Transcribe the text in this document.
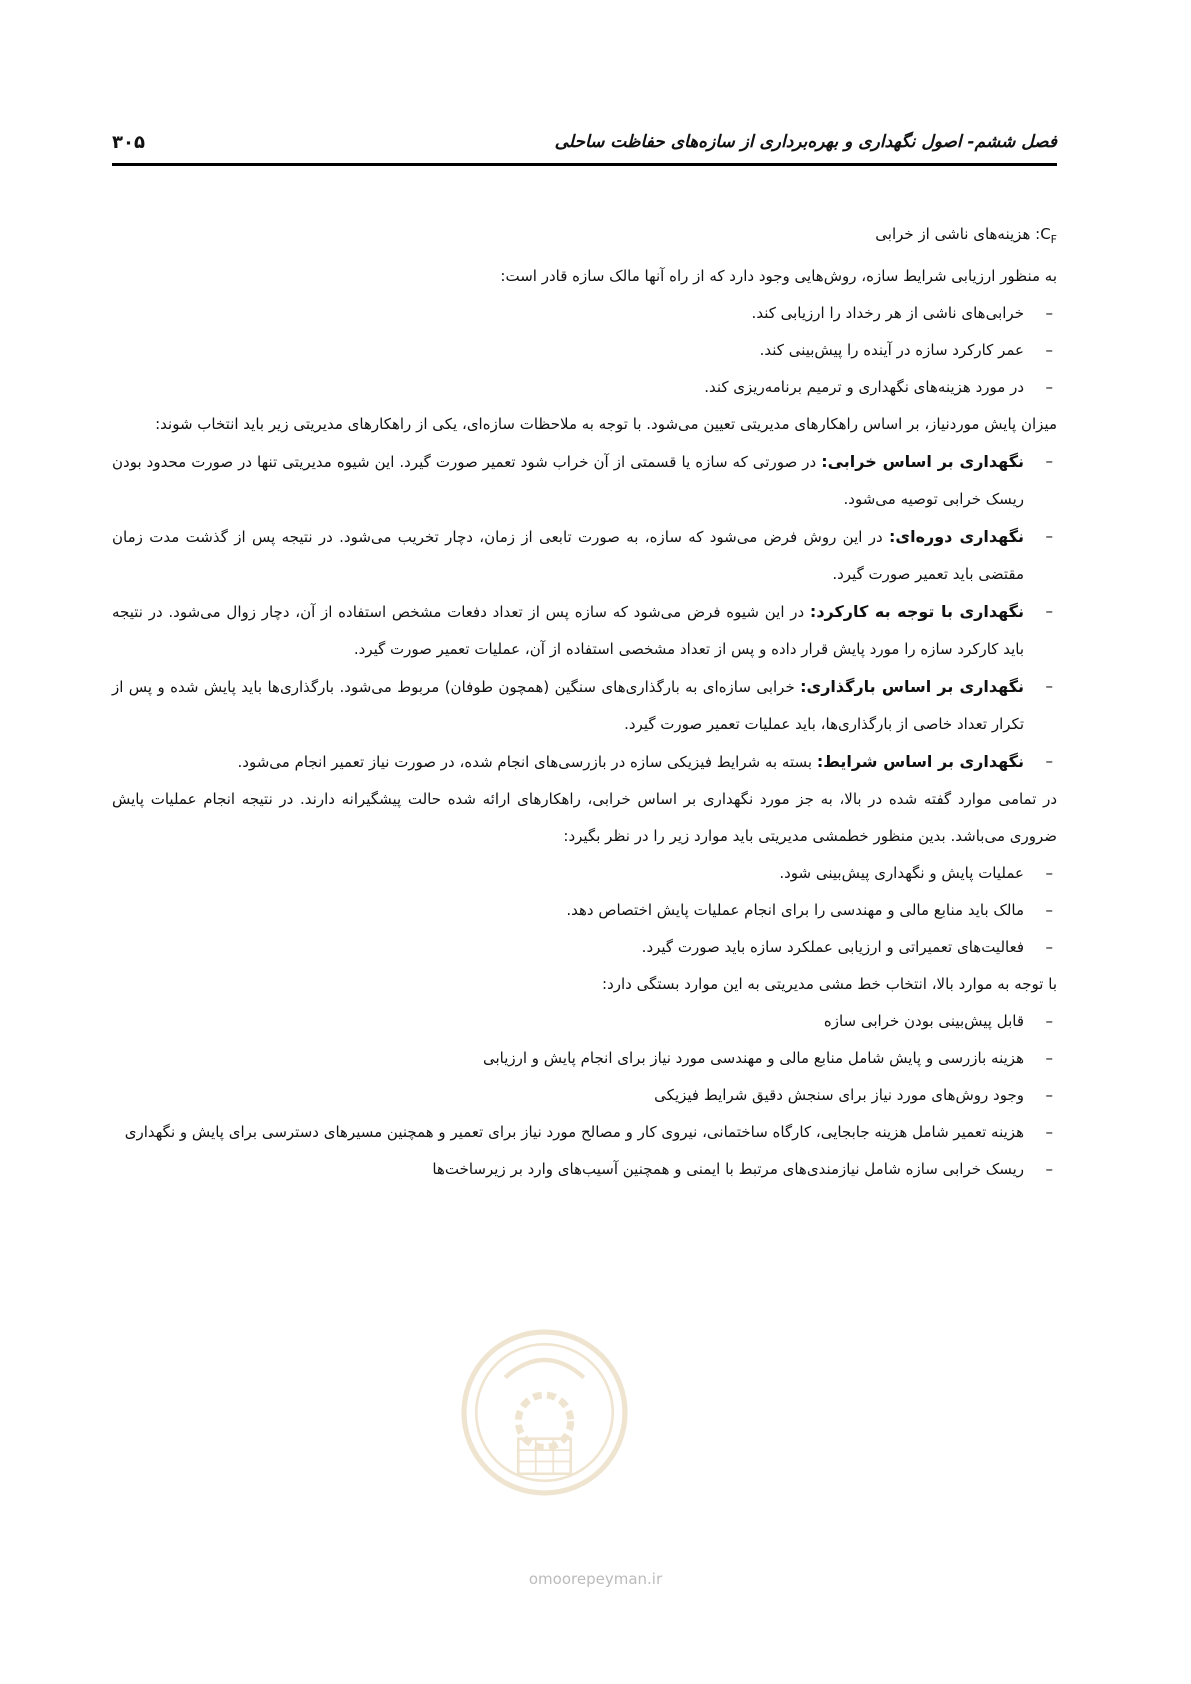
فصل ششم- اصول نگهداری و بهره‌برداری از سازه‌های حفاظت ساحلی
۳۰۵

$C_F$: هزینه‌های ناشی از خرابی

به منظور ارزیابی شرایط سازه، روش‌هایی وجود دارد که از راه آنها مالک سازه قادر است:

– خرابی‌های ناشی از هر رخداد را ارزیابی کند.
– عمر کارکرد سازه در آینده را پیش‌بینی کند.
– در مورد هزینه‌های نگهداری و ترمیم برنامه‌ریزی کند.

میزان پایش موردنیاز، بر اساس راهکارهای مدیریتی تعیین می‌شود. با توجه به ملاحظات سازه‌ای، یکی از راهکارهای مدیریتی زیر باید انتخاب شوند:

– نگهداری بر اساس خرابی: در صورتی که سازه یا قسمتی از آن خراب شود تعمیر صورت گیرد. این شیوه مدیریتی تنها در صورت محدود بودن ریسک خرابی توصیه می‌شود.
– نگهداری دوره‌ای: در این روش فرض می‌شود که سازه، به صورت تابعی از زمان، دچار تخریب می‌شود. در نتیجه پس از گذشت مدت زمان مقتضی باید تعمیر صورت گیرد.
– نگهداری با توجه به کارکرد: در این شیوه فرض می‌شود که سازه پس از تعداد دفعات مشخص استفاده از آن، دچار زوال می‌شود. در نتیجه باید کارکرد سازه را مورد پایش قرار داده و پس از تعداد مشخصی استفاده از آن، عملیات تعمیر صورت گیرد.
– نگهداری بر اساس بارگذاری: خرابی سازه‌ای به بارگذاری‌های سنگین (همچون طوفان) مربوط می‌شود. بارگذاری‌ها باید پایش شده و پس از تکرار تعداد خاصی از بارگذاری‌ها، باید عملیات تعمیر صورت گیرد.
– نگهداری بر اساس شرایط: بسته به شرایط فیزیکی سازه در بازرسی‌های انجام شده، در صورت نیاز تعمیر انجام می‌شود.

در تمامی موارد گفته شده در بالا، به جز مورد نگهداری بر اساس خرابی، راهکارهای ارائه شده حالت پیشگیرانه دارند. در نتیجه انجام عملیات پایش ضروری می‌باشد. بدین منظور خطمشی مدیریتی باید موارد زیر را در نظر بگیرد:

– عملیات پایش و نگهداری پیش‌بینی شود.
– مالک باید منابع مالی و مهندسی را برای انجام عملیات پایش اختصاص دهد.
– فعالیت‌های تعمیراتی و ارزیابی عملکرد سازه باید صورت گیرد.

با توجه به موارد بالا، انتخاب خط مشی مدیریتی به این موارد بستگی دارد:

– قابل پیش‌بینی بودن خرابی سازه
– هزینه بازرسی و پایش شامل منابع مالی و مهندسی مورد نیاز برای انجام پایش و ارزیابی
– وجود روش‌های مورد نیاز برای سنجش دقیق شرایط فیزیکی
– هزینه تعمیر شامل هزینه جابجایی، کارگاه ساختمانی، نیروی کار و مصالح مورد نیاز برای تعمیر و همچنین مسیرهای دسترسی برای پایش و نگهداری
– ریسک خرابی سازه شامل نیازمندی‌های مرتبط با ایمنی و همچنین آسیب‌های وارد بر زیرساخت‌ها
omoorepeyman.ir
